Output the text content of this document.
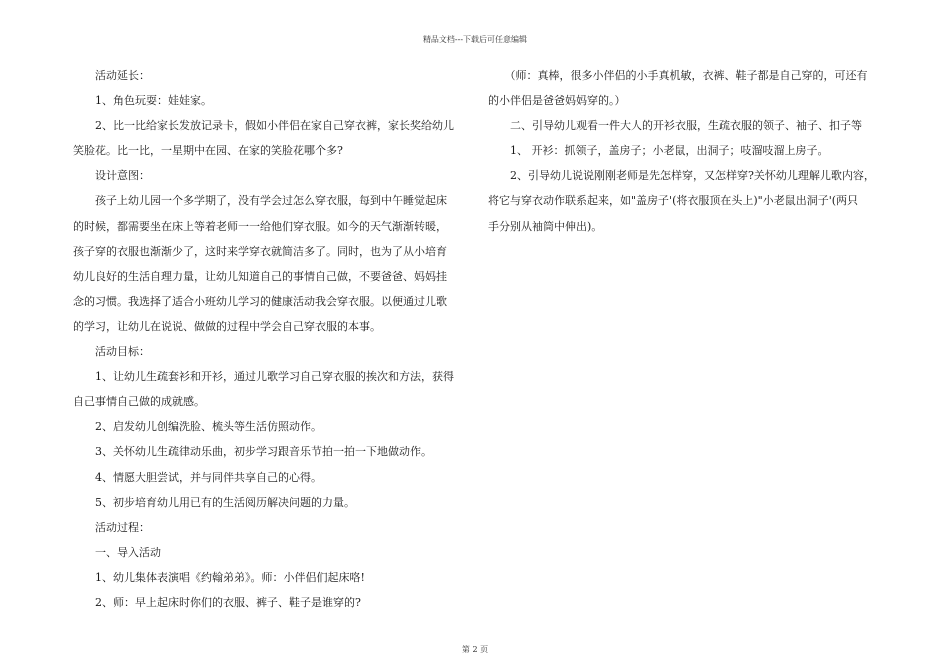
精品文档---下载后可任意编辑
　　活动延长：
　　1、角色玩耍：娃娃家。
　　2、比一比给家长发放记录卡，假如小伴侣在家自己穿衣裤，家长奖给幼儿
笑脸花。比一比，一星期中在园、在家的笑脸花哪个多?
　　设计意图：
　　孩子上幼儿园一个多学期了，没有学会过怎么穿衣服，每到中午睡觉起床
的时候，都需要坐在床上等着老师一一给他们穿衣服。如今的天气渐渐转暖，
孩子穿的衣服也渐渐少了，这时来学穿衣就简洁多了。同时，也为了从小培育
幼儿良好的生活自理力量，让幼儿知道自己的事情自己做，不要爸爸、妈妈挂
念的习惯。我选择了适合小班幼儿学习的健康活动我会穿衣服。以便通过儿歌
的学习，让幼儿在说说、做做的过程中学会自己穿衣服的本事。
　　活动目标：
　　1、让幼儿生疏套衫和开衫，通过儿歌学习自己穿衣服的挨次和方法，获得
自己事情自己做的成就感。
　　2、启发幼儿创编洗脸、梳头等生活仿照动作。
　　3、关怀幼儿生疏律动乐曲，初步学习跟音乐节拍一拍一下地做动作。
　　4、情愿大胆尝试，并与同伴共享自己的心得。
　　5、初步培育幼儿用已有的生活阅历解决问题的力量。
　　活动过程：
　　一、导入活动
　　1、幼儿集体表演唱《约翰弟弟》。师：小伴侣们起床咯!
　　2、师：早上起床时你们的衣服、裤子、鞋子是谁穿的?
　　（师：真棒，很多小伴侣的小手真机敏，衣裤、鞋子都是自己穿的，可还有
的小伴侣是爸爸妈妈穿的。）
　　二、引导幼儿观看一件大人的开衫衣服，生疏衣服的领子、袖子、扣子等
　　1、 开衫：抓领子，盖房子；小老鼠，出洞子；吱溜吱溜上房子。
　　2、引导幼儿说说刚刚老师是先怎样穿，又怎样穿?关怀幼儿理解儿歌内容，
将它与穿衣动作联系起来，如"盖房子'(将衣服顶在头上)"小老鼠出洞子'(两只
手分别从袖筒中伸出)。
第 2 页
